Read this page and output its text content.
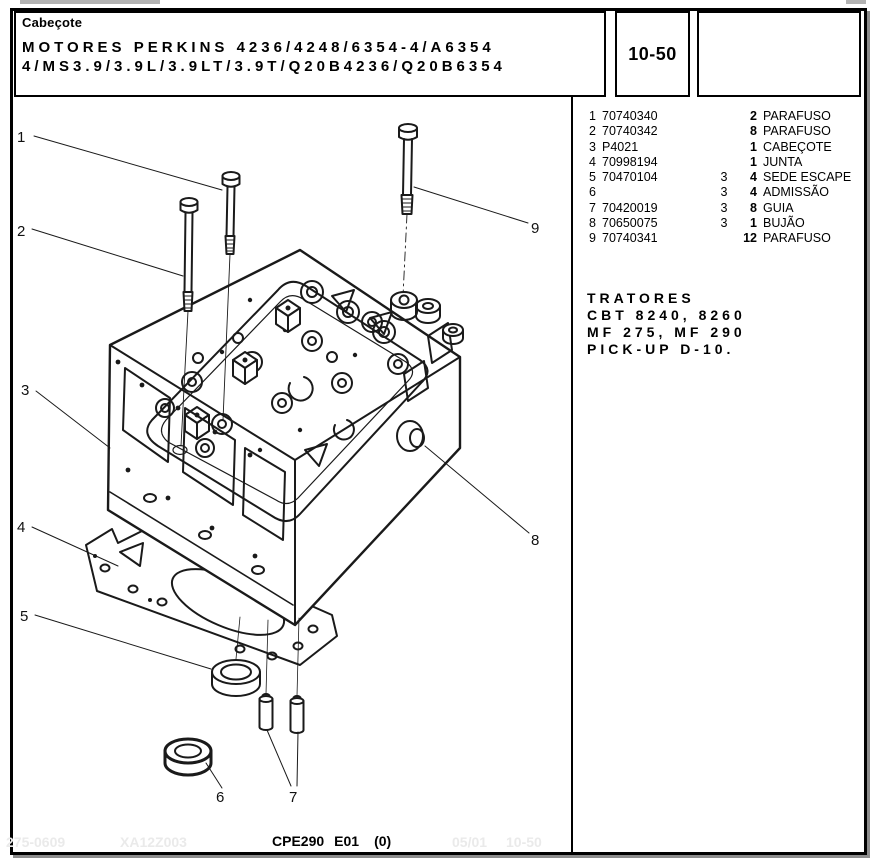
Cabeçote
MOTORES PERKINS 4236/4248/6354-4/A6354
4/MS3.9/3.9L/3.9LT/3.9T/Q20B4236/Q20B6354
10-50
1 70740340	2 PARAFUSO
2 70740342	8 PARAFUSO
3 P4021	1 CABEÇOTE
4 70998194	1 JUNTA
5 70470104	3	4 SEDE ESCAPE
6	3	4 ADMISSÃO
7 70420019	3	8 GUIA
8 70650075	3	1 BUJÃO
9 70740341	12 PARAFUSO
TRATORES
CBT 8240, 8260
MF 275, MF 290
PICK-UP D-10.
1
2
3
4
5
6	7
8
9
CPE290 E01 (0)
275-0609	XA12Z003	05/01 10-50
